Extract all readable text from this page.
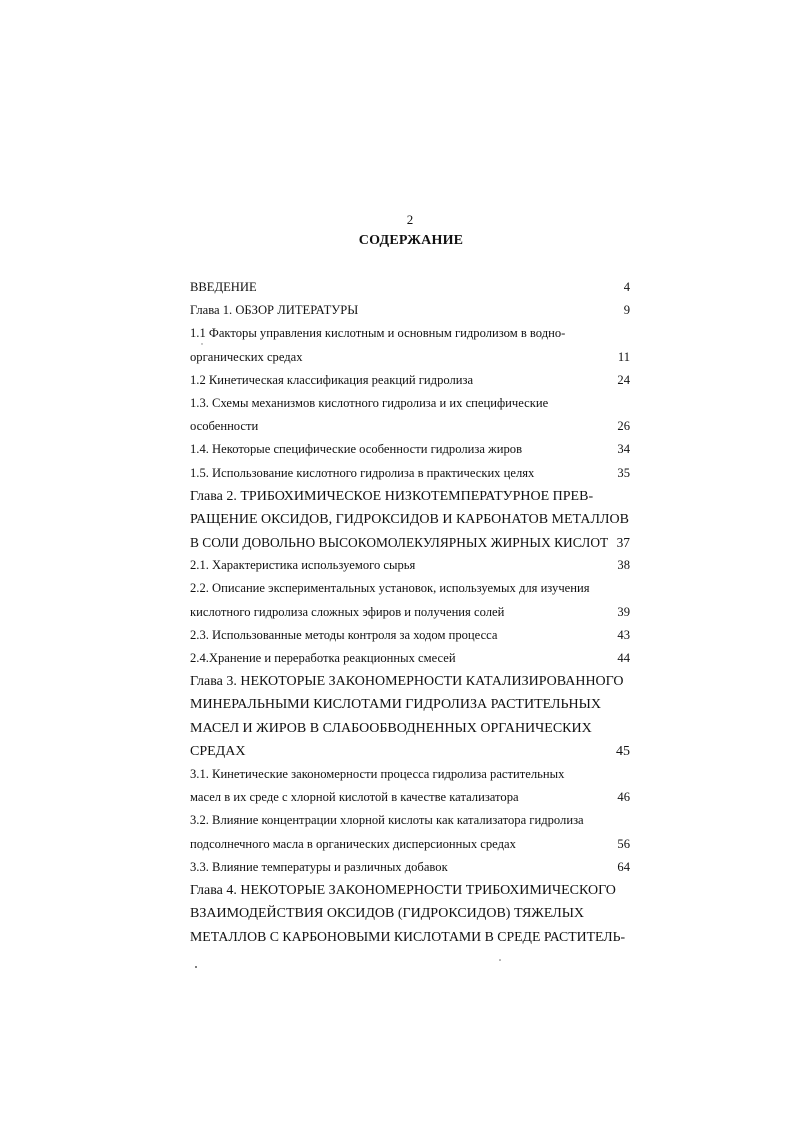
2
СОДЕРЖАНИЕ
ВВЕДЕНИЕ	4
Глава 1. ОБЗОР ЛИТЕРАТУРЫ	9
1.1 Факторы управления кислотным и основным гидролизом в водно-
органических средах	11
1.2 Кинетическая классификация реакций гидролиза	24
1.3. Схемы механизмов кислотного гидролиза и их специфические
особенности	26
1.4. Некоторые специфические особенности гидролиза жиров	34
1.5. Использование кислотного гидролиза в практических целях	35
Глава 2. ТРИБОХИМИЧЕСКОЕ НИЗКОТЕМПЕРАТУРНОЕ ПРЕВ-
РАЩЕНИЕ ОКСИДОВ, ГИДРОКСИДОВ И КАРБОНАТОВ МЕТАЛЛОВ
В СОЛИ ДОВОЛЬНО ВЫСОКОМОЛЕКУЛЯРНЫХ ЖИРНЫХ КИСЛОТ 37
2.1. Характеристика используемого сырья	38
2.2. Описание экспериментальных установок, используемых для изучения
кислотного гидролиза сложных эфиров и получения солей	39
2.3. Использованные методы контроля за ходом процесса	43
2.4.Хранение и переработка реакционных смесей	44
Глава 3. НЕКОТОРЫЕ ЗАКОНОМЕРНОСТИ КАТАЛИЗИРОВАННОГО
МИНЕРАЛЬНЫМИ КИСЛОТАМИ ГИДРОЛИЗА РАСТИТЕЛЬНЫХ
МАСЕЛ И ЖИРОВ В СЛАБООБВОДНЕННЫХ ОРГАНИЧЕСКИХ
СРЕДАХ	45
3.1. Кинетические закономерности процесса гидролиза растительных
масел в их среде с хлорной кислотой в качестве катализатора	46
3.2. Влияние концентрации хлорной кислоты как катализатора гидролиза
подсолнечного масла в органических дисперсионных средах	56
3.3. Влияние температуры и различных добавок	64
Глава 4. НЕКОТОРЫЕ ЗАКОНОМЕРНОСТИ ТРИБОХИМИЧЕСКОГО
ВЗАИМОДЕЙСТВИЯ ОКСИДОВ (ГИДРОКСИДОВ) ТЯЖЕЛЫХ
МЕТАЛЛОВ С КАРБОНОВЫМИ КИСЛОТАМИ В СРЕДЕ РАСТИТЕЛЬ-
